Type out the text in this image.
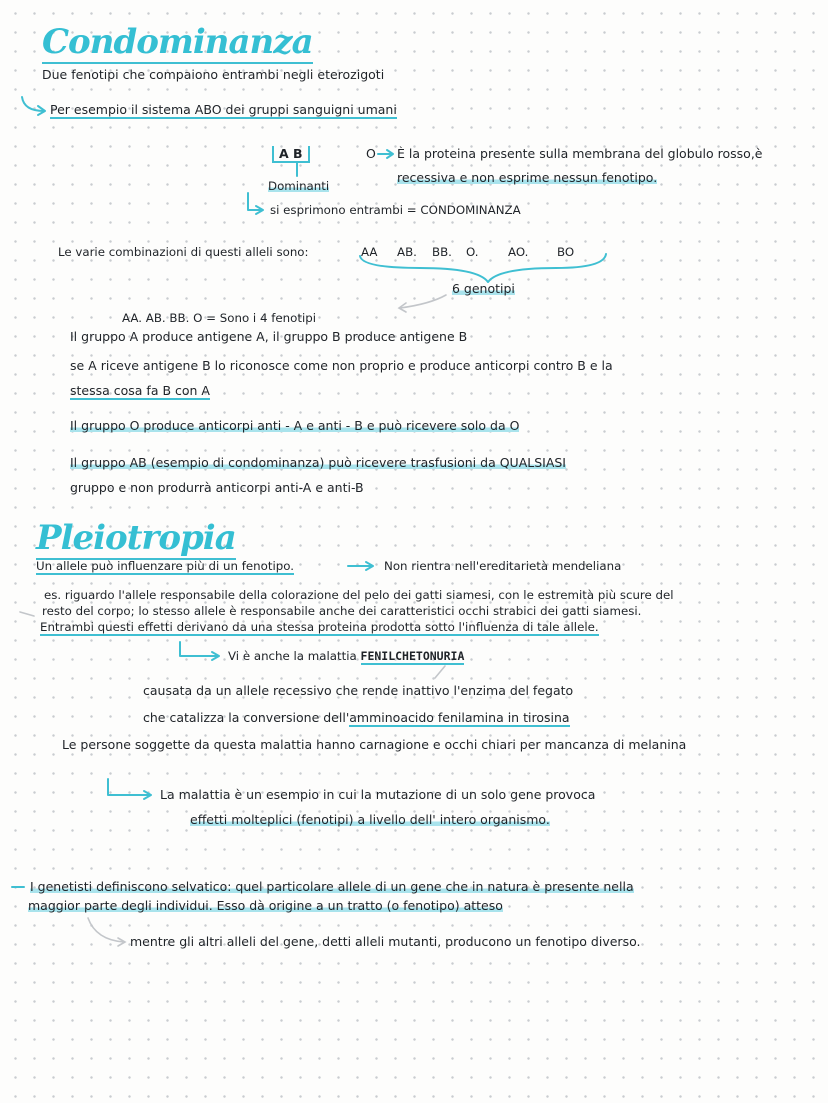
Condominanza
Due fenotipi che compaiono entrambi negli eterozigoti
Per esempio il sistema ABO dei gruppi sanguigni umani
A B
Dominanti
O È la proteina presente sulla membrana del globulo rosso,è
recessiva e non esprime nessun fenotipo.
si esprimono entrambi = CONDOMINANZA
Le varie combinazioni di questi alleli sono:	AA AB. BB. O. AO. BO
6 genotipi
AA. AB. BB. O = Sono i 4 fenotipi
Il gruppo A produce antigene A, il gruppo B produce antigene B
se A riceve antigene B lo riconosce come non proprio e produce anticorpi contro B e la
stessa cosa fa B con A
Il gruppo O produce anticorpi anti - A e anti - B e può ricevere solo da O
Il gruppo AB (esempio di condominanza) può ricevere trasfusioni da QUALSIASI
gruppo e non produrrà anticorpi anti-A e anti-B
Pleiotropia
Un allele può influenzare più di un fenotipo.	Non rientra nell'ereditarietà mendeliana
es. riguardo l'allele responsabile della colorazione del pelo dei gatti siamesi, con le estremità più scure del
resto del corpo; lo stesso allele è responsabile anche dei caratteristici occhi strabici dei gatti siamesi.
Entrambi questi effetti derivano da una stessa proteina prodotta sotto l'influenza di tale allele.
Vi è anche la malattia FENILCHETONURIA
causata da un allele recessivo che rende inattivo l'enzima del fegato
che catalizza la conversione dell'amminoacido fenilamina in tirosina
Le persone soggette da questa malattia hanno carnagione e occhi chiari per mancanza di melanina
La malattia è un esempio in cui la mutazione di un solo gene provoca
effetti molteplici (fenotipi) a livello dell' intero organismo.
I genetisti definiscono selvatico: quel particolare allele di un gene che in natura è presente nella
maggior parte degli individui. Esso dà origine a un tratto (o fenotipo) atteso
mentre gli altri alleli del gene, detti alleli mutanti, producono un fenotipo diverso.
